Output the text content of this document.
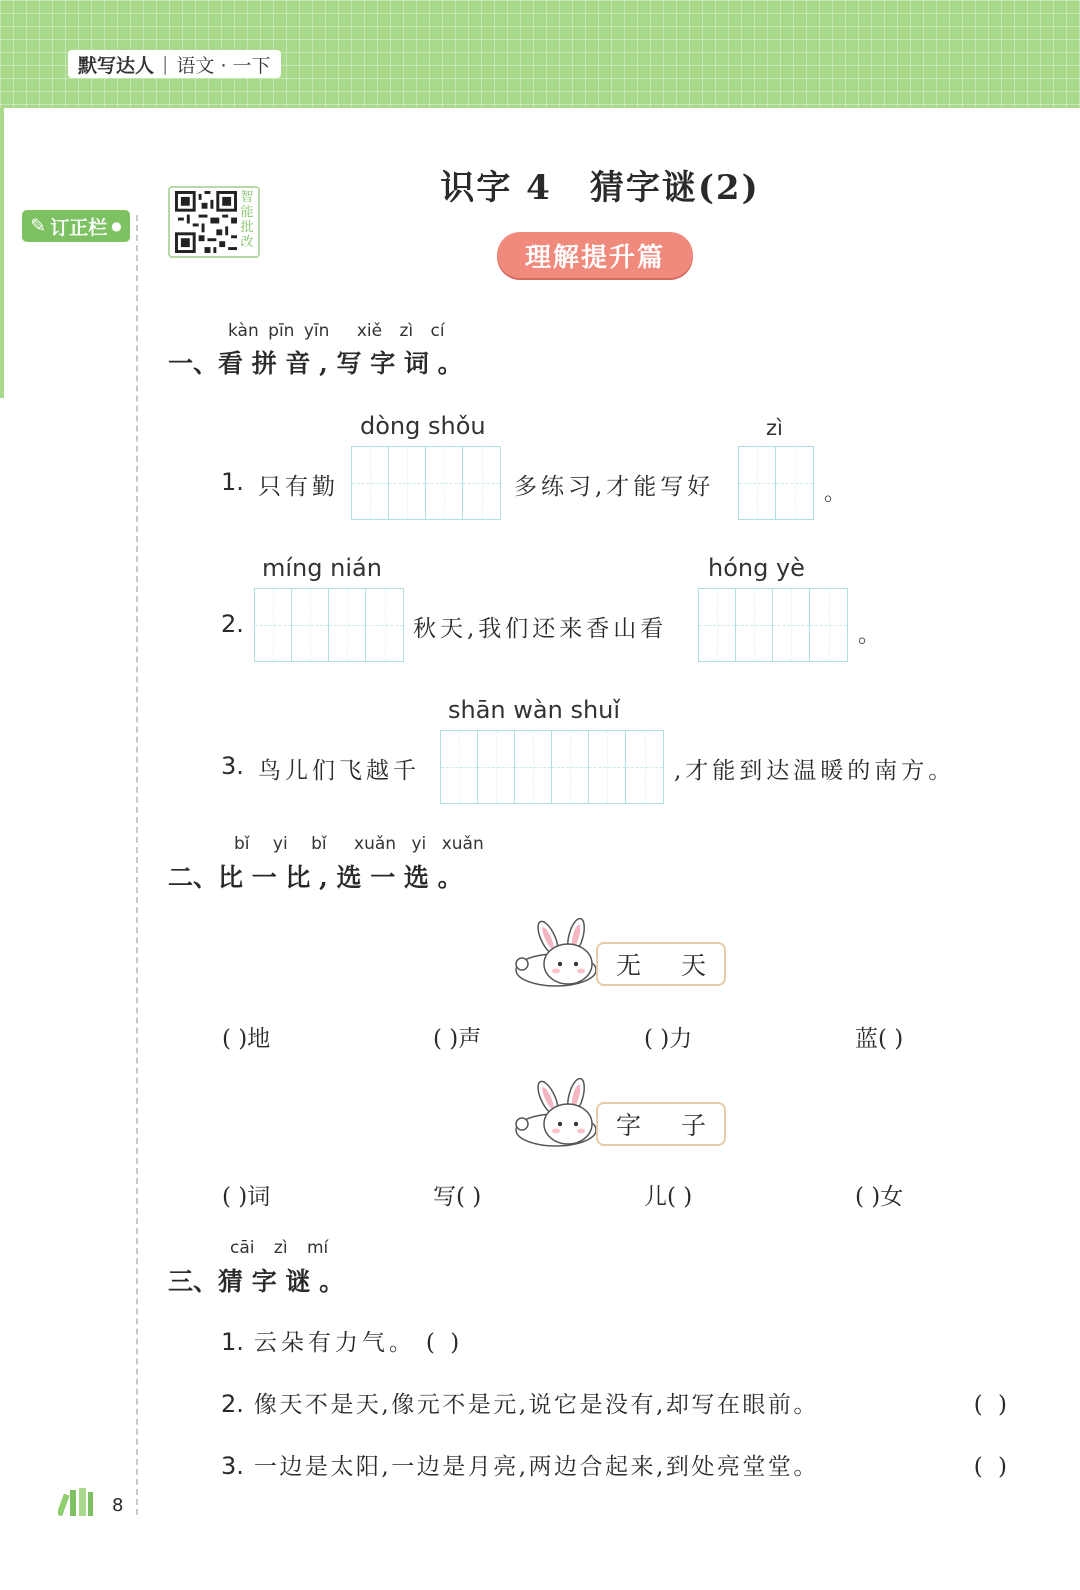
默写达人 | 语文 · 一下
✎ 订正栏 ●
智能批改
识字 4 猜字谜(2)
理解提升篇
kàn pīn yīn xiě zì cí
一、看 拼 音 , 写 字 词 。
dòng shǒu	zì
1. 只有勤	多练习,才能写好	。
míng nián	hóng yè
2.	秋天,我们还来香山看	。
shān wàn shuǐ
3. 鸟儿们飞越千	,才能到达温暖的南方。
bǐ yi bǐ xuǎn yi xuǎn
二、比 一 比 , 选 一 选 。
无 天
( )地	( )声	( )力	蓝( )
字 子
( )词	写( )	儿( )	( )女
cāi zì mí
三、猜 字 谜 。
1. 云朵有力气。 ( )
2. 像天不是天,像元不是元,说它是没有,却写在眼前。	( )
3. 一边是太阳,一边是月亮,两边合起来,到处亮堂堂。	( )
8
